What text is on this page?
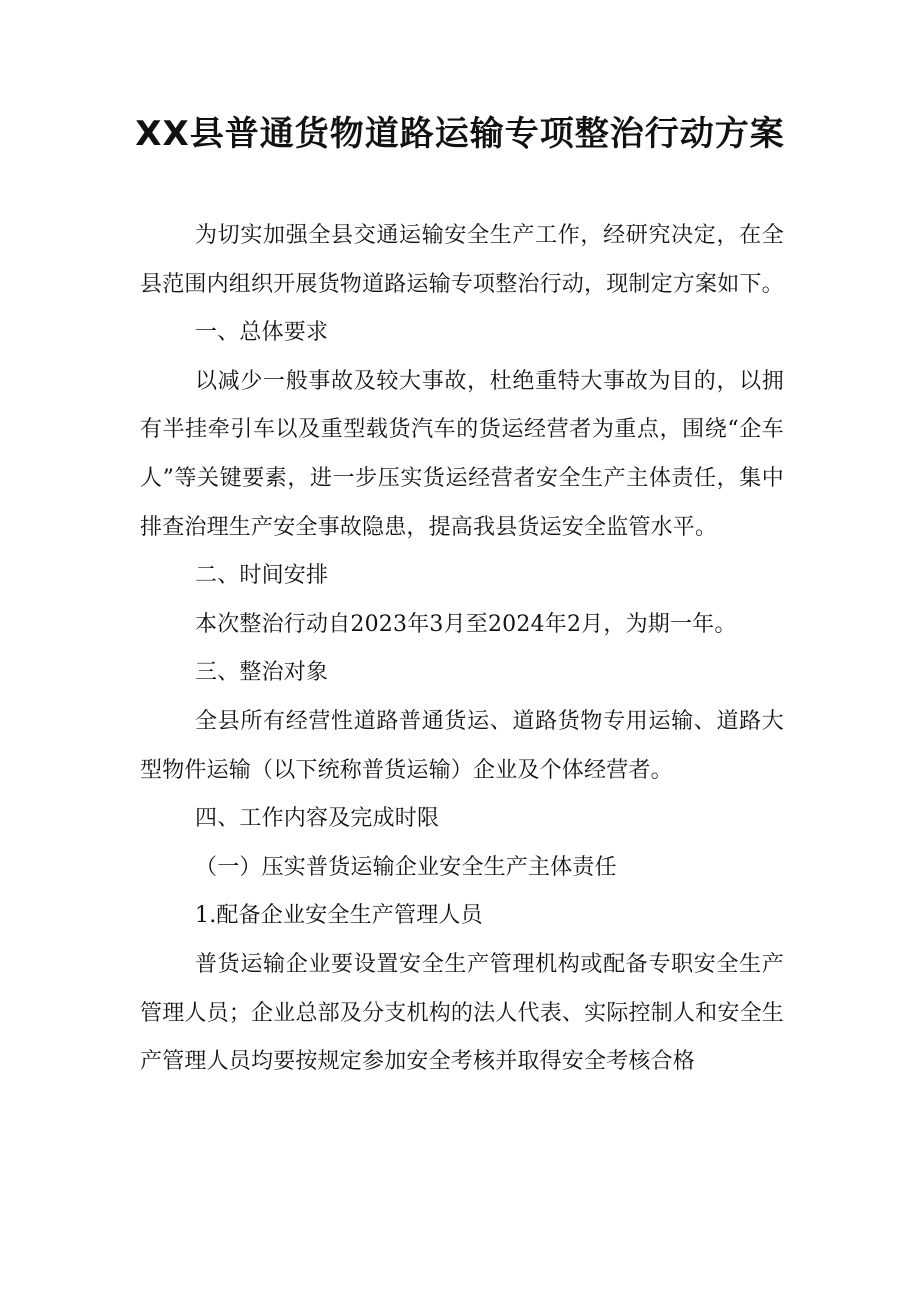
XX县普通货物道路运输专项整治行动方案

为切实加强全县交通运输安全生产工作，经研究决定，在全县范围内组织开展货物道路运输专项整治行动，现制定方案如下。

一、总体要求

以减少一般事故及较大事故，杜绝重特大事故为目的，以拥有半挂牵引车以及重型载货汽车的货运经营者为重点，围绕“企车人”等关键要素，进一步压实货运经营者安全生产主体责任，集中排查治理生产安全事故隐患，提高我县货运安全监管水平。

二、时间安排

本次整治行动自2023年3月至2024年2月，为期一年。

三、整治对象

全县所有经营性道路普通货运、道路货物专用运输、道路大型物件运输（以下统称普货运输）企业及个体经营者。

四、工作内容及完成时限

（一）压实普货运输企业安全生产主体责任

1.配备企业安全生产管理人员

普货运输企业要设置安全生产管理机构或配备专职安全生产管理人员；企业总部及分支机构的法人代表、实际控制人和安全生产管理人员均要按规定参加安全考核并取得安全考核合格
